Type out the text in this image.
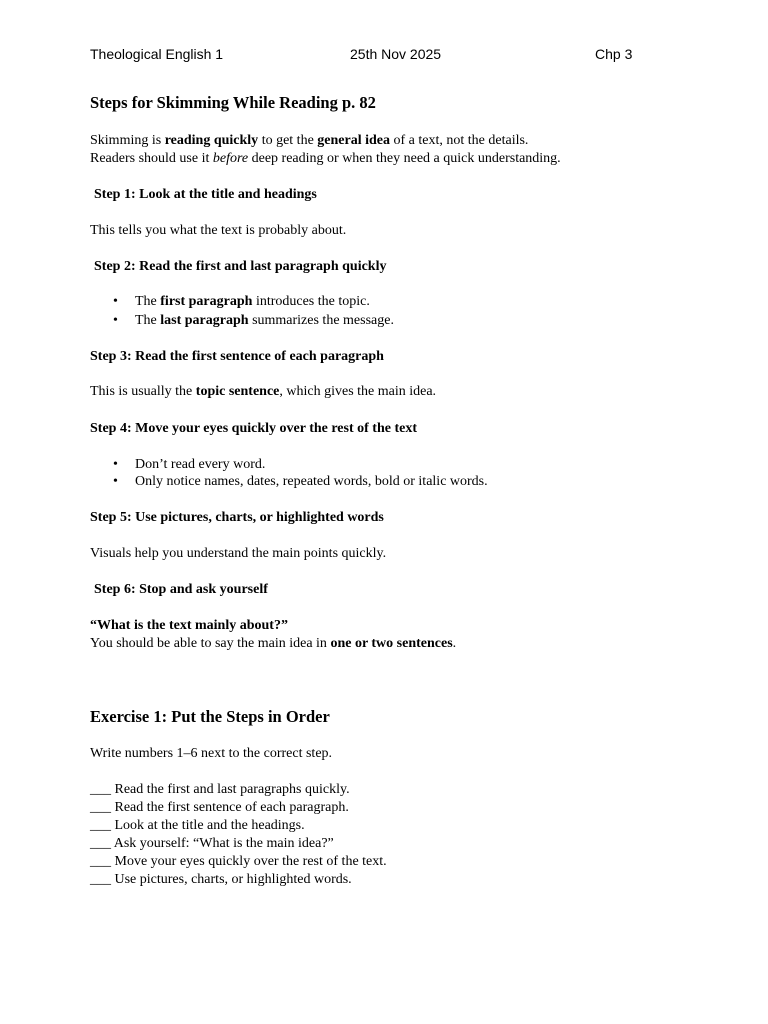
Theological English 1	25th Nov 2025	Chp 3
Steps for Skimming While Reading p. 82
Skimming is reading quickly to get the general idea of a text, not the details.
Readers should use it before deep reading or when they need a quick understanding.
Step 1: Look at the title and headings
This tells you what the text is probably about.
Step 2: Read the first and last paragraph quickly
• The first paragraph introduces the topic.
• The last paragraph summarizes the message.
Step 3: Read the first sentence of each paragraph
This is usually the topic sentence, which gives the main idea.
Step 4: Move your eyes quickly over the rest of the text
• Don’t read every word.
• Only notice names, dates, repeated words, bold or italic words.
Step 5: Use pictures, charts, or highlighted words
Visuals help you understand the main points quickly.
Step 6: Stop and ask yourself
“What is the text mainly about?”
You should be able to say the main idea in one or two sentences.
Exercise 1: Put the Steps in Order
Write numbers 1–6 next to the correct step.
___ Read the first and last paragraphs quickly.
___ Read the first sentence of each paragraph.
___ Look at the title and the headings.
___ Ask yourself: “What is the main idea?”
___ Move your eyes quickly over the rest of the text.
___ Use pictures, charts, or highlighted words.
